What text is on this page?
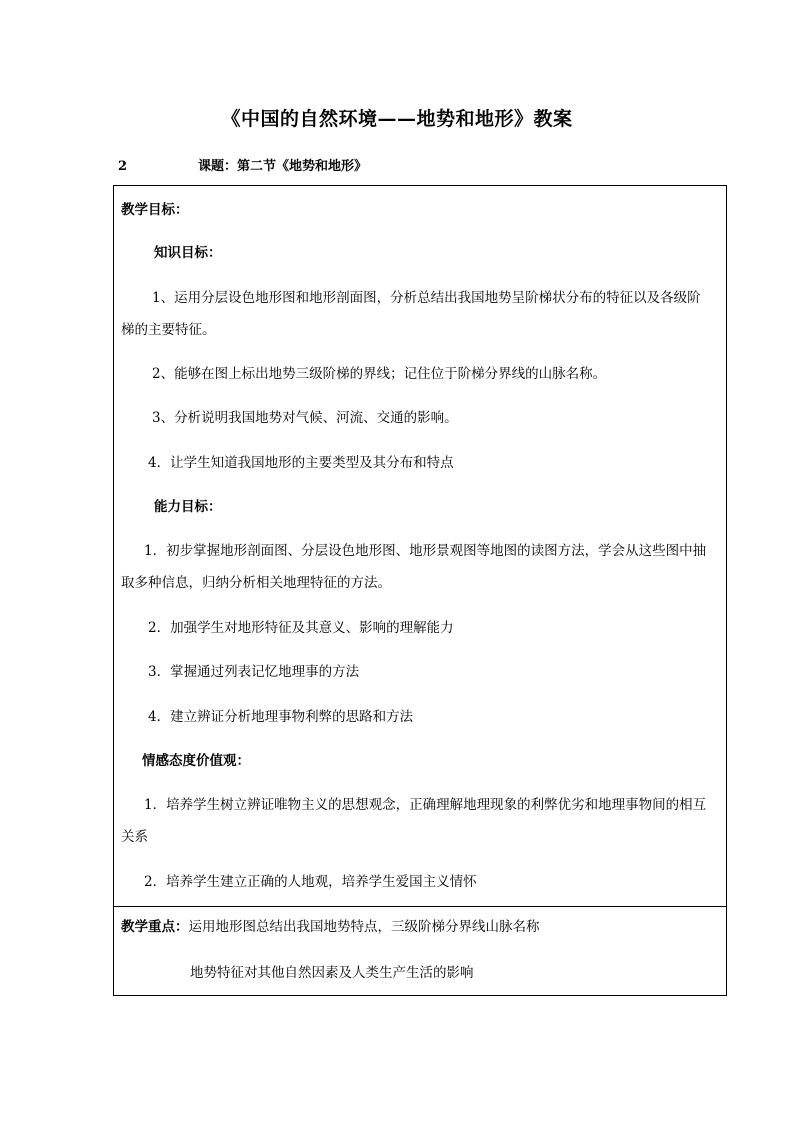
《中国的自然环境——地势和地形》教案
2	课题：第二节《地势和地形》
教学目标：
知识目标：
1、运用分层设色地形图和地形剖面图，分析总结出我国地势呈阶梯状分布的特征以及各级阶
梯的主要特征。
2、能够在图上标出地势三级阶梯的界线；记住位于阶梯分界线的山脉名称。
3、分析说明我国地势对气候、河流、交通的影响。
4．让学生知道我国地形的主要类型及其分布和特点
能力目标：
1．初步掌握地形剖面图、分层设色地形图、地形景观图等地图的读图方法，学会从这些图中抽
取多种信息，归纳分析相关地理特征的方法。
2．加强学生对地形特征及其意义、影响的理解能力
3．掌握通过列表记忆地理事的方法
4．建立辨证分析地理事物利弊的思路和方法
情感态度价值观：
1．培养学生树立辨证唯物主义的思想观念，正确理解地理现象的利弊优劣和地理事物间的相互
关系
2．培养学生建立正确的人地观，培养学生爱国主义情怀
教学重点：运用地形图总结出我国地势特点，三级阶梯分界线山脉名称
地势特征对其他自然因素及人类生产生活的影响
